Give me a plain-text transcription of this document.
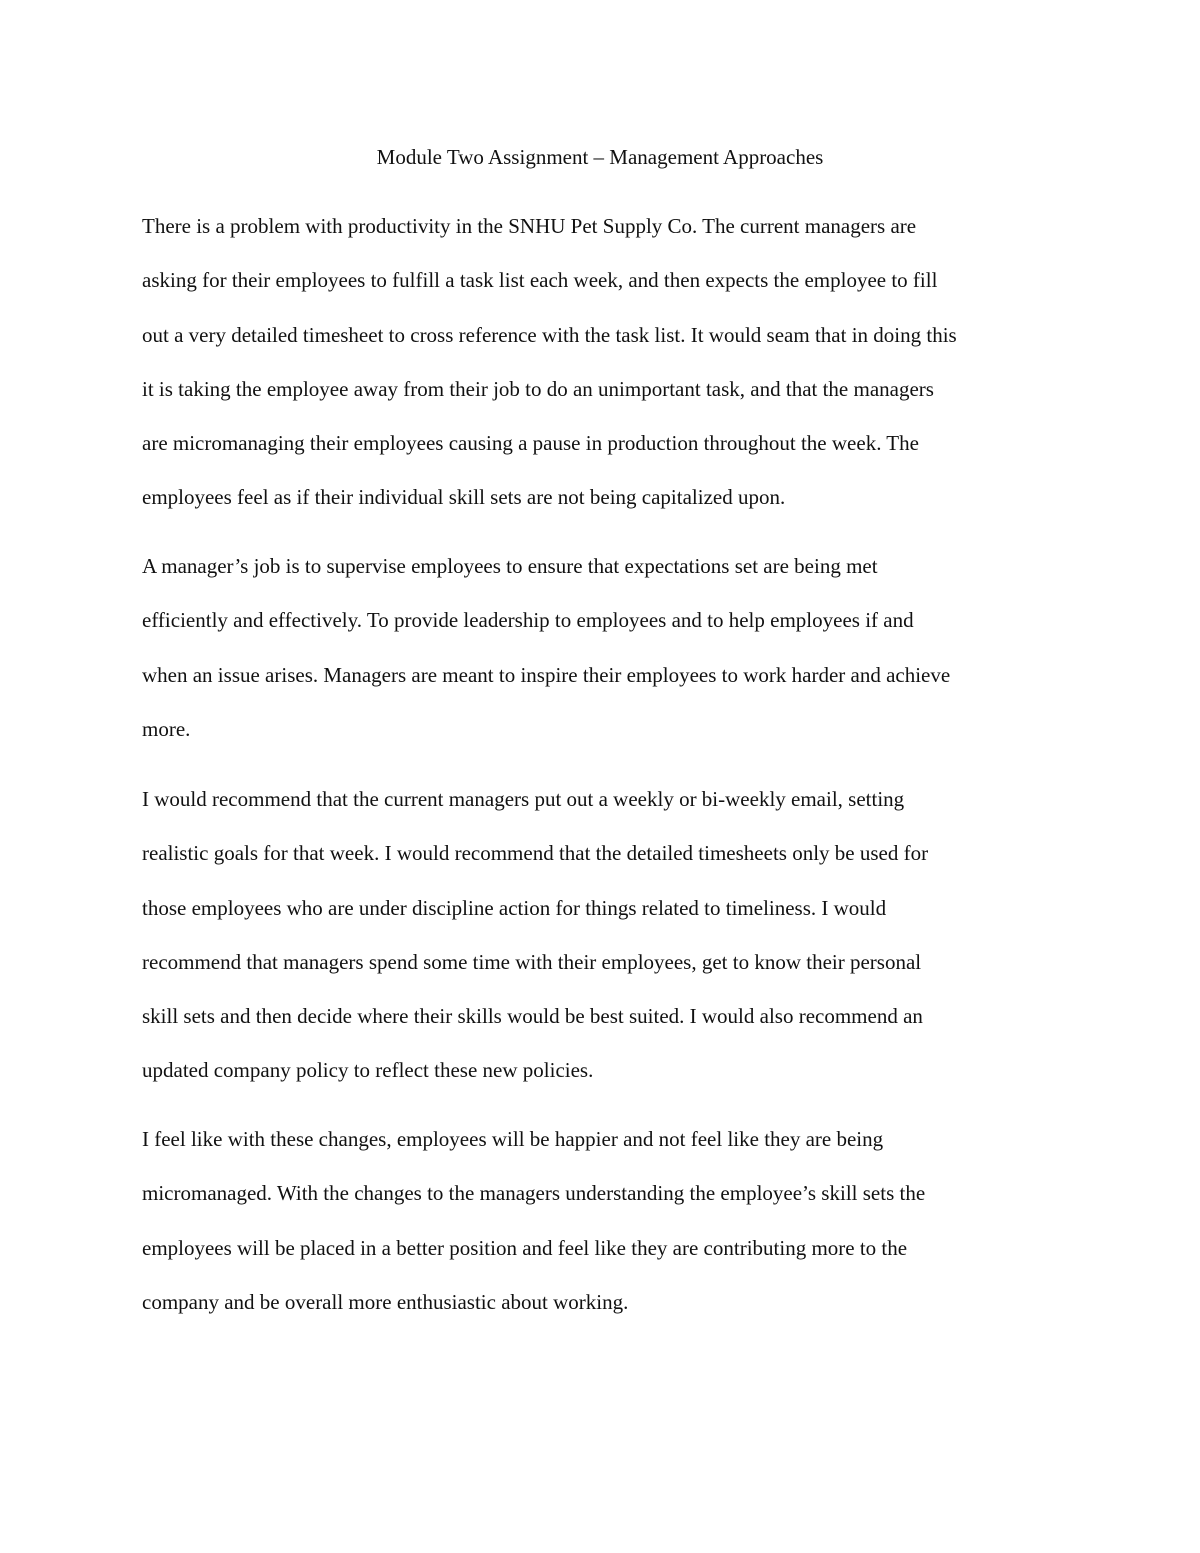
Module Two Assignment – Management Approaches

There is a problem with productivity in the SNHU Pet Supply Co. The current managers are
asking for their employees to fulfill a task list each week, and then expects the employee to fill
out a very detailed timesheet to cross reference with the task list. It would seam that in doing this
it is taking the employee away from their job to do an unimportant task, and that the managers
are micromanaging their employees causing a pause in production throughout the week. The
employees feel as if their individual skill sets are not being capitalized upon.

A manager’s job is to supervise employees to ensure that expectations set are being met
efficiently and effectively. To provide leadership to employees and to help employees if and
when an issue arises. Managers are meant to inspire their employees to work harder and achieve
more.

I would recommend that the current managers put out a weekly or bi-weekly email, setting
realistic goals for that week. I would recommend that the detailed timesheets only be used for
those employees who are under discipline action for things related to timeliness. I would
recommend that managers spend some time with their employees, get to know their personal
skill sets and then decide where their skills would be best suited. I would also recommend an
updated company policy to reflect these new policies.

I feel like with these changes, employees will be happier and not feel like they are being
micromanaged. With the changes to the managers understanding the employee’s skill sets the
employees will be placed in a better position and feel like they are contributing more to the
company and be overall more enthusiastic about working.
